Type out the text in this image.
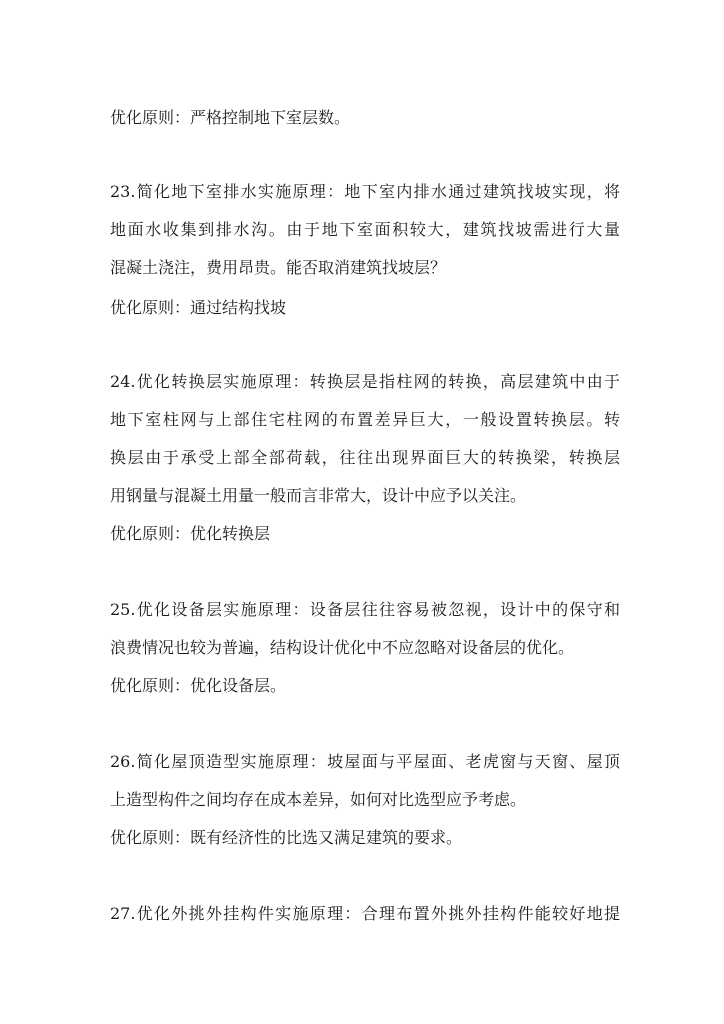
优化原则：严格控制地下室层数。
23.简化地下室排水实施原理：地下室内排水通过建筑找坡实现，将
地面水收集到排水沟。由于地下室面积较大，建筑找坡需进行大量
混凝土浇注，费用昂贵。能否取消建筑找坡层？
优化原则：通过结构找坡
24.优化转换层实施原理：转换层是指柱网的转换，高层建筑中由于
地下室柱网与上部住宅柱网的布置差异巨大，一般设置转换层。转
换层由于承受上部全部荷载，往往出现界面巨大的转换梁，转换层
用钢量与混凝土用量一般而言非常大，设计中应予以关注。
优化原则：优化转换层
25.优化设备层实施原理：设备层往往容易被忽视，设计中的保守和
浪费情况也较为普遍，结构设计优化中不应忽略对设备层的优化。
优化原则：优化设备层。
26.简化屋顶造型实施原理：坡屋面与平屋面、老虎窗与天窗、屋顶
上造型构件之间均存在成本差异，如何对比选型应予考虑。
优化原则：既有经济性的比选又满足建筑的要求。
27.优化外挑外挂构件实施原理：合理布置外挑外挂构件能较好地提
